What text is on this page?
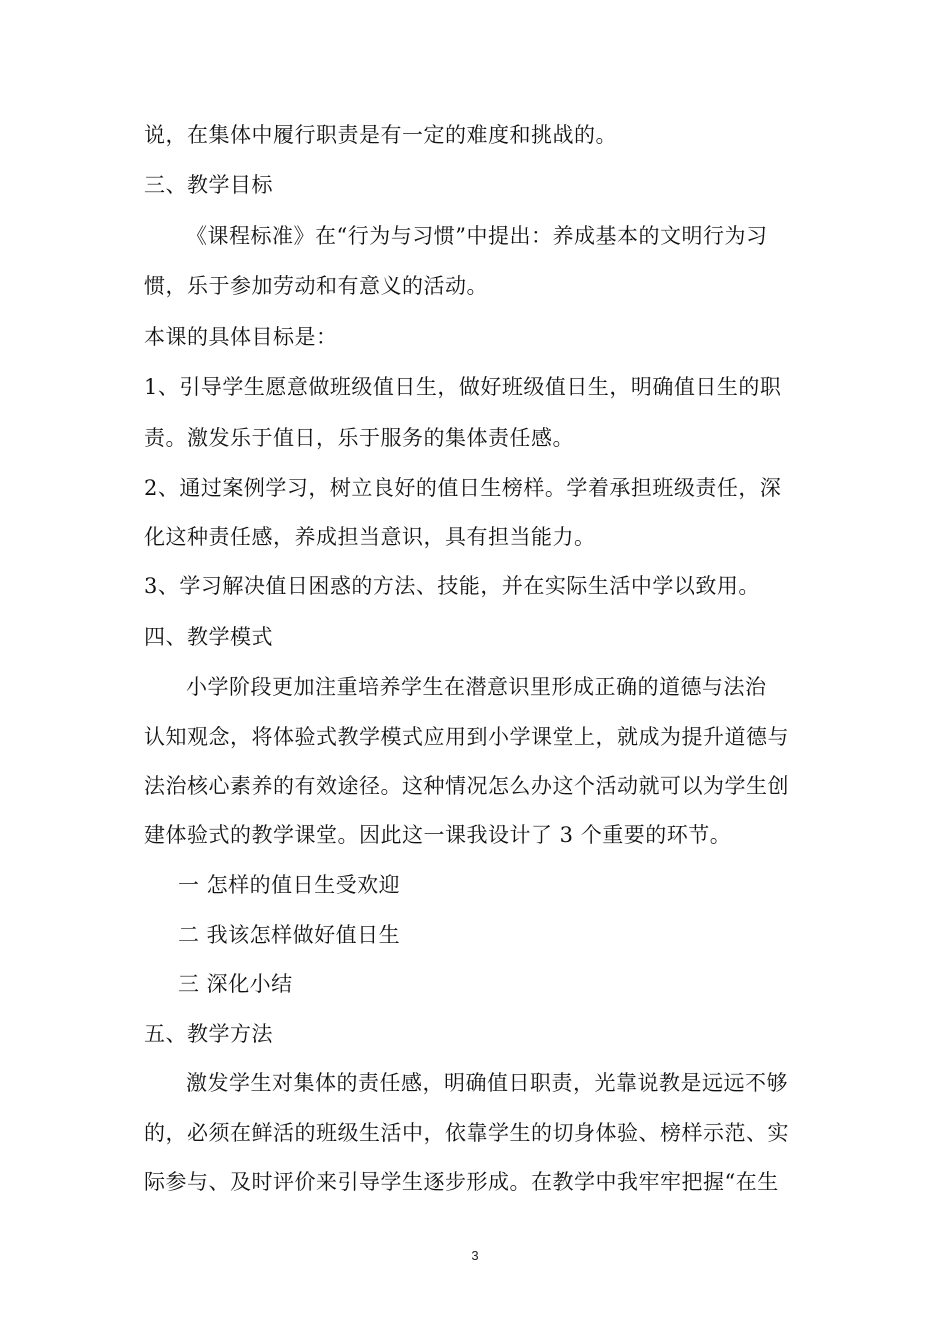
说，在集体中履行职责是有一定的难度和挑战的。
三、教学目标
《课程标准》在“行为与习惯”中提出：养成基本的文明行为习
惯，乐于参加劳动和有意义的活动。
本课的具体目标是：
1、引导学生愿意做班级值日生，做好班级值日生，明确值日生的职
责。激发乐于值日，乐于服务的集体责任感。
2、通过案例学习，树立良好的值日生榜样。学着承担班级责任，深
化这种责任感，养成担当意识，具有担当能力。
3、学习解决值日困惑的方法、技能，并在实际生活中学以致用。
四、教学模式
小学阶段更加注重培养学生在潜意识里形成正确的道德与法治
认知观念，将体验式教学模式应用到小学课堂上，就成为提升道德与
法治核心素养的有效途径。这种情况怎么办这个活动就可以为学生创
建体验式的教学课堂。因此这一课我设计了 3 个重要的环节。
一 怎样的值日生受欢迎
二 我该怎样做好值日生
三 深化小结
五、教学方法
激发学生对集体的责任感，明确值日职责，光靠说教是远远不够
的，必须在鲜活的班级生活中，依靠学生的切身体验、榜样示范、实
际参与、及时评价来引导学生逐步形成。在教学中我牢牢把握“在生
3
